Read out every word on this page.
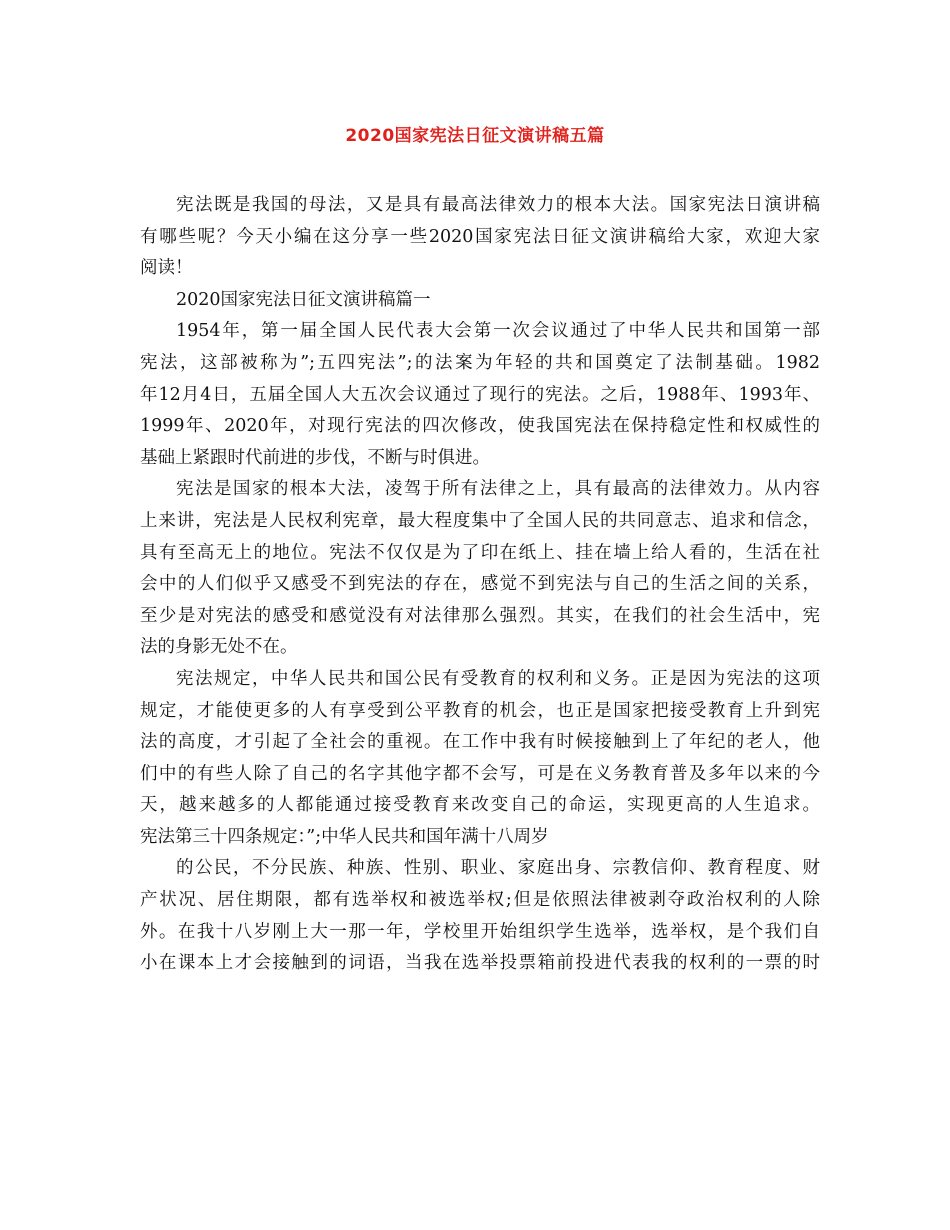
2020国家宪法日征文演讲稿五篇
宪法既是我国的母法，又是具有最高法律效力的根本大法。国家宪法日演讲稿
有哪些呢？今天小编在这分享一些2020国家宪法日征文演讲稿给大家，欢迎大家
阅读！
2020国家宪法日征文演讲稿篇一
1954年，第一届全国人民代表大会第一次会议通过了中华人民共和国第一部
宪法，这部被称为”;五四宪法”;的法案为年轻的共和国奠定了法制基础。1982
年12月4日，五届全国人大五次会议通过了现行的宪法。之后，1988年、1993年、
1999年、2020年，对现行宪法的四次修改，使我国宪法在保持稳定性和权威性的
基础上紧跟时代前进的步伐，不断与时俱进。
宪法是国家的根本大法，凌驾于所有法律之上，具有最高的法律效力。从内容
上来讲，宪法是人民权利宪章，最大程度集中了全国人民的共同意志、追求和信念，
具有至高无上的地位。宪法不仅仅是为了印在纸上、挂在墙上给人看的，生活在社
会中的人们似乎又感受不到宪法的存在，感觉不到宪法与自己的生活之间的关系，
至少是对宪法的感受和感觉没有对法律那么强烈。其实，在我们的社会生活中，宪
法的身影无处不在。
宪法规定，中华人民共和国公民有受教育的权利和义务。正是因为宪法的这项
规定，才能使更多的人有享受到公平教育的机会，也正是国家把接受教育上升到宪
法的高度，才引起了全社会的重视。在工作中我有时候接触到上了年纪的老人，他
们中的有些人除了自己的名字其他字都不会写，可是在义务教育普及多年以来的今
天，越来越多的人都能通过接受教育来改变自己的命运，实现更高的人生追求。
宪法第三十四条规定：”;中华人民共和国年满十八周岁
的公民，不分民族、种族、性别、职业、家庭出身、宗教信仰、教育程度、财
产状况、居住期限，都有选举权和被选举权;但是依照法律被剥夺政治权利的人除
外。在我十八岁刚上大一那一年，学校里开始组织学生选举，选举权，是个我们自
小在课本上才会接触到的词语，当我在选举投票箱前投进代表我的权利的一票的时
